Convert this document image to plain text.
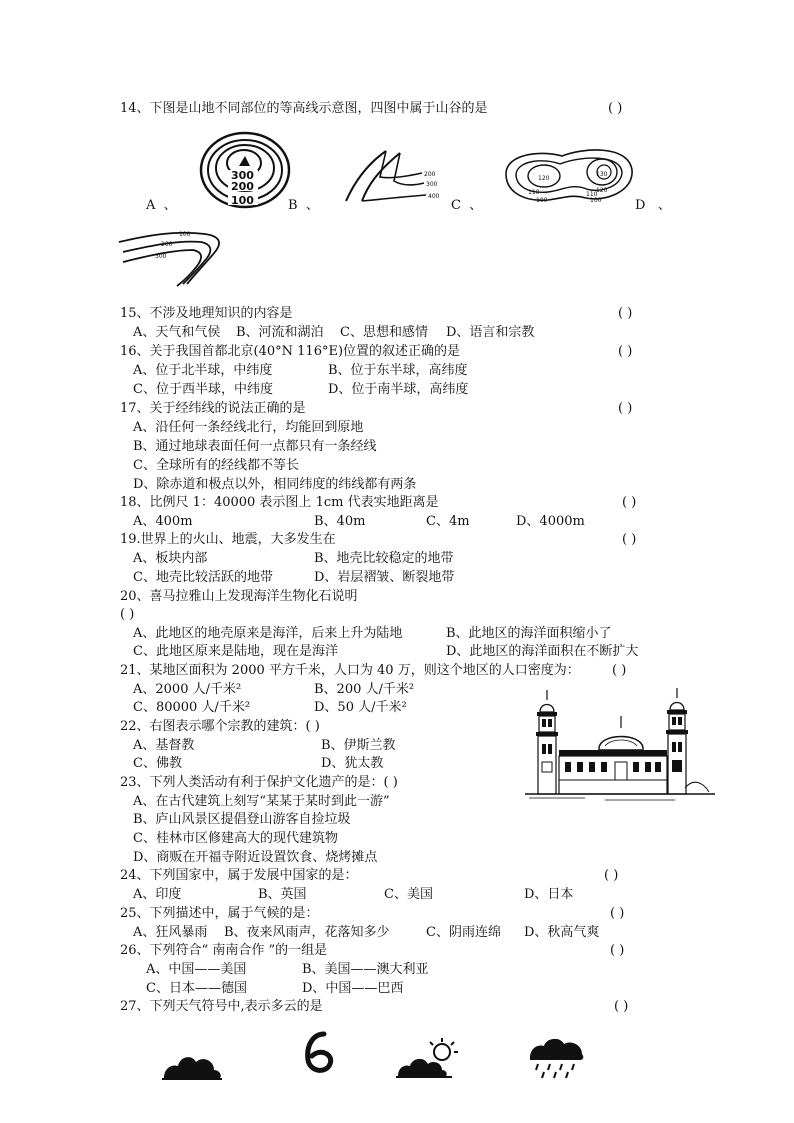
14、下图是山地不同部位的等高线示意图，四图中属于山谷的是	( )
300
200
100
A 、
200
300
400
B 、
120
130
110
100
120
110
100
C 、	D 、
100
200
300
15、不涉及地理知识的内容是	( )
A、天气和气侯 B、河流和湖泊 C、思想和感情 D、语言和宗教
16、关于我国首都北京(40°N 116°E)位置的叙述正确的是	( )
A、位于北半球，中纬度	B、位于东半球，高纬度
C、位于西半球，中纬度	D、位于南半球，高纬度
17、关于经纬线的说法正确的是	( )
A、沿任何一条经线北行，均能回到原地
B、通过地球表面任何一点都只有一条经线
C、全球所有的经线都不等长
D、除赤道和极点以外，相同纬度的纬线都有两条
18、比例尺 1：40000 表示图上 1cm 代表实地距离是	( )
A、400m	B、40m	C、4m	D、4000m
19.世界上的火山、地震，大多发生在	( )
A、板块内部	B、地壳比较稳定的地带
C、地壳比较活跃的地带	D、岩层褶皱、断裂地带
20、喜马拉雅山上发现海洋生物化石说明
( )
A、此地区的地壳原来是海洋，后来上升为陆地	B、此地区的海洋面积缩小了
C、此地区原来是陆地，现在是海洋	D、此地区的海洋面积在不断扩大
21、某地区面积为 2000 平方千米，人口为 40 万，则这个地区的人口密度为： ( )
A、2000 人/千米²	B、200 人/千米²
C、80000 人/千米²	D、50 人/千米²
22、右图表示哪个宗教的建筑：( )
A、基督教	B、伊斯兰教
C、佛教	D、犹太教
23、下列人类活动有利于保护文化遗产的是：( )
A、在古代建筑上刻写“某某于某时到此一游”
B、庐山风景区提倡登山游客自捡垃圾
C、桂林市区修建高大的现代建筑物
D、商贩在开福寺附近设置饮食、烧烤摊点
24、下列国家中，属于发展中国家的是：	( )
A、印度	B、英国	C、美国	D、日本
25、下列描述中，属于气候的是：	( )
A、狂风暴雨 B、夜来风雨声，花落知多少	C、阴雨连绵 D、秋高气爽
26、下列符合“ 南南合作 ”的一组是	( )
A、中国——美国	B、美国——澳大利亚
C、日本——德国	D、中国——巴西
27、下列天气符号中,表示多云的是	( )
